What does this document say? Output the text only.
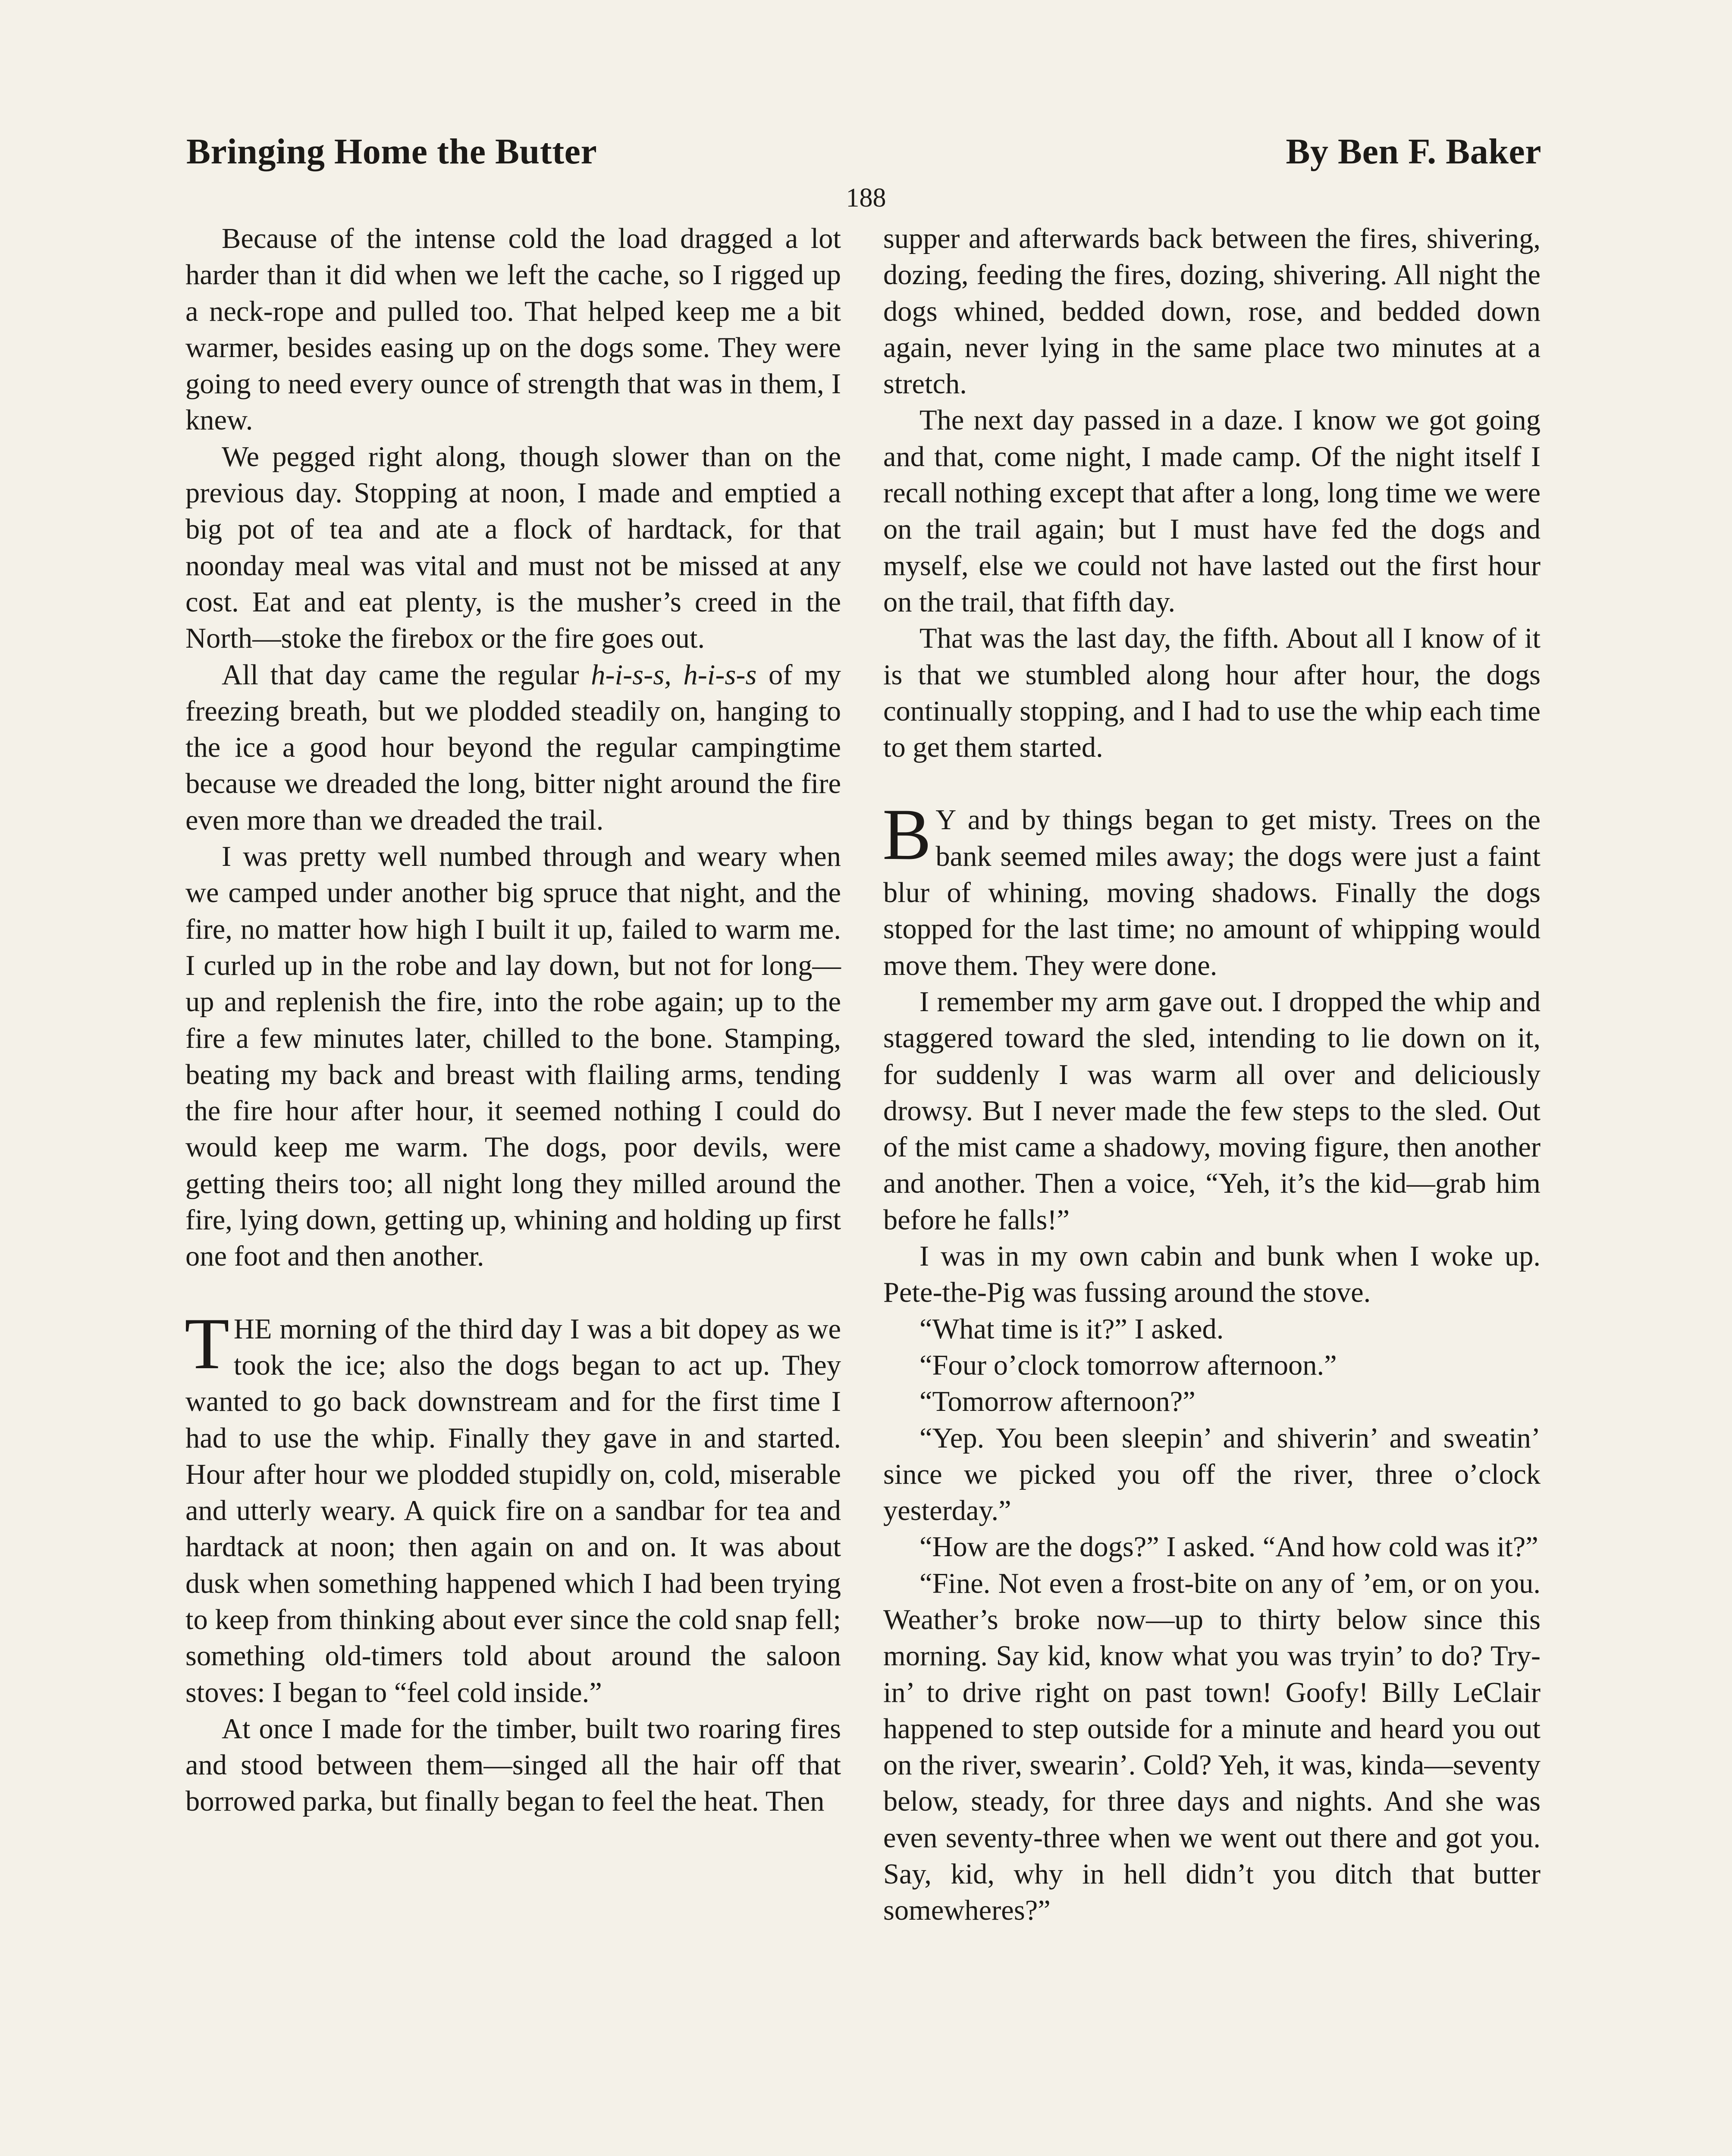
Bringing Home the Butter	By Ben F. Baker
188

Because of the intense cold the load dragged a lot harder than it did when we left the cache, so I rigged up a neck-rope and pulled too. That helped keep me a bit warmer, besides easing up on the dogs some. They were going to need every ounce of strength that was in them, I knew.

We pegged right along, though slower than on the previous day. Stopping at noon, I made and emptied a big pot of tea and ate a flock of hardtack, for that noonday meal was vital and must not be missed at any cost. Eat and eat plenty, is the musher’s creed in the North—stoke the firebox or the fire goes out.

All that day came the regular h-i-s-s, h-i-s-s of my freezing breath, but we plodded steadily on, hanging to the ice a good hour beyond the regular campingtime because we dreaded the long, bitter night around the fire even more than we dreaded the trail.

I was pretty well numbed through and weary when we camped under another big spruce that night, and the fire, no matter how high I built it up, failed to warm me. I curled up in the robe and lay down, but not for long—up and replenish the fire, into the robe again; up to the fire a few minutes later, chilled to the bone. Stamping, beating my back and breast with flailing arms, tending the fire hour after hour, it seemed nothing I could do would keep me warm. The dogs, poor devils, were getting theirs too; all night long they milled around the fire, lying down, getting up, whining and holding up first one foot and then another.

THE morning of the third day I was a bit dopey as we took the ice; also the dogs began to act up. They wanted to go back downstream and for the first time I had to use the whip. Finally they gave in and started. Hour after hour we plodded stupidly on, cold, miserable and utterly weary. A quick fire on a sandbar for tea and hardtack at noon; then again on and on. It was about dusk when something happened which I had been trying to keep from thinking about ever since the cold snap fell; something old-timers told about around the saloon stoves: I began to “feel cold inside.”

At once I made for the timber, built two roaring fires and stood between them—singed all the hair off that borrowed parka, but finally began to feel the heat. Then

supper and afterwards back between the fires, shivering, dozing, feeding the fires, dozing, shivering. All night the dogs whined, bedded down, rose, and bedded down again, never lying in the same place two minutes at a stretch.

The next day passed in a daze. I know we got going and that, come night, I made camp. Of the night itself I recall nothing except that after a long, long time we were on the trail again; but I must have fed the dogs and myself, else we could not have lasted out the first hour on the trail, that fifth day.

That was the last day, the fifth. About all I know of it is that we stumbled along hour after hour, the dogs continually stopping, and I had to use the whip each time to get them started.

B Y and by things began to get misty. Trees on the bank seemed miles away; the dogs were just a faint blur of whining, moving shadows. Finally the dogs stopped for the last time; no amount of whipping would move them. They were done.

I remember my arm gave out. I dropped the whip and staggered toward the sled, intending to lie down on it, for suddenly I was warm all over and deliciously drowsy. But I never made the few steps to the sled. Out of the mist came a shadowy, moving figure, then another and another. Then a voice, “Yeh, it’s the kid—grab him before he falls!”

I was in my own cabin and bunk when I woke up. Pete-the-Pig was fussing around the stove.

“What time is it?” I asked.

“Four o’clock tomorrow afternoon.”

“Tomorrow afternoon?”

“Yep. You been sleepin’ and shiverin’ and sweatin’ since we picked you off the river, three o’clock yesterday.”

“How are the dogs?” I asked. “And how cold was it?”

“Fine. Not even a frost-bite on any of ’em, or on you. Weather’s broke now—up to thirty below since this morning. Say kid, know what you was tryin’ to do? Tryin’ to drive right on past town! Goofy! Billy LeClair happened to step outside for a minute and heard you out on the river, swearin’. Cold? Yeh, it was, kinda—seventy below, steady, for three days and nights. And she was even seventy-three when we went out there and got you. Say, kid, why in hell didn’t you ditch that butter somewheres?”
